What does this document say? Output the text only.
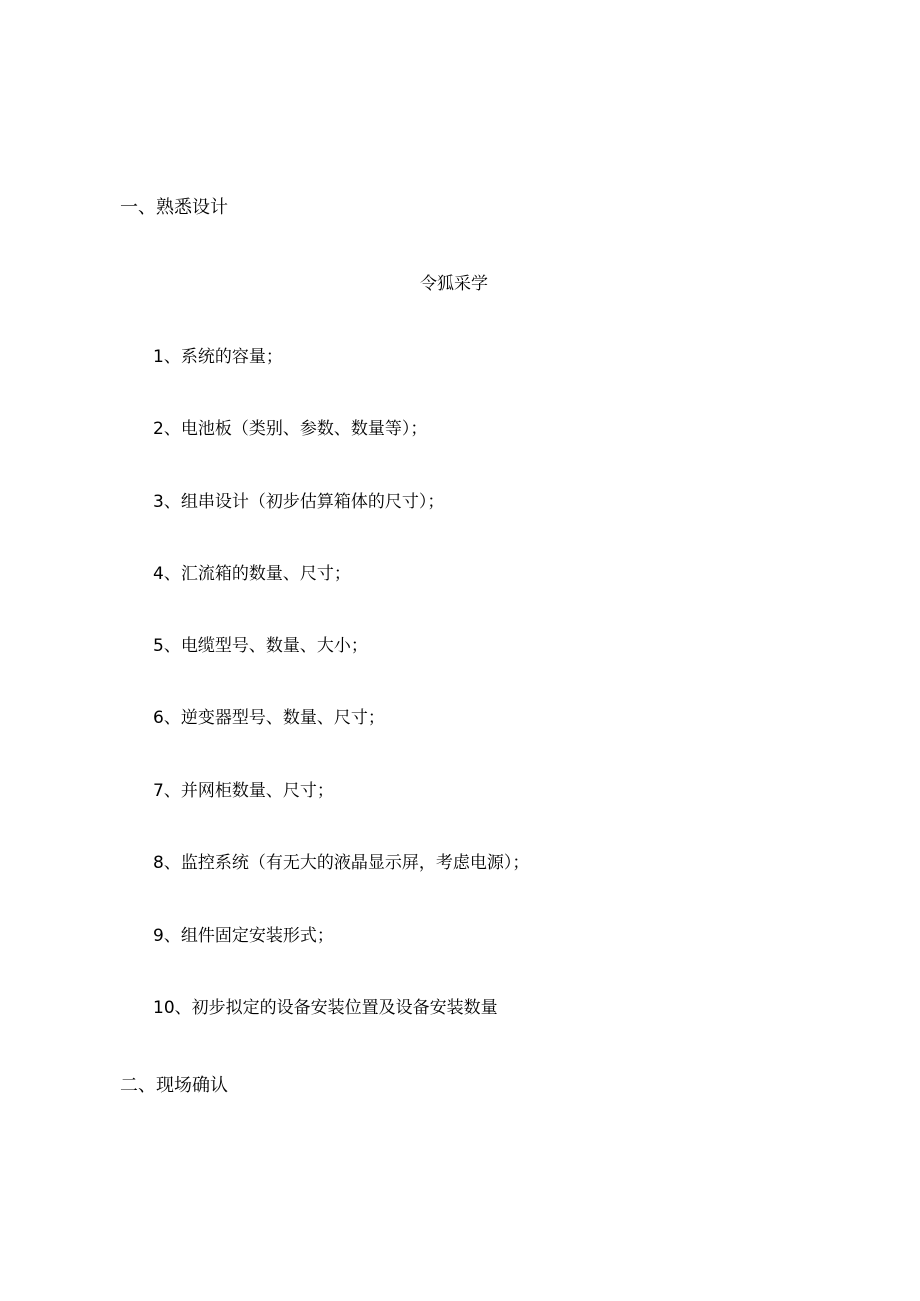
一、熟悉设计
令狐采学
1、系统的容量；
2、电池板（类别、参数、数量等）；
3、组串设计（初步估算箱体的尺寸）；
4、汇流箱的数量、尺寸；
5、电缆型号、数量、大小；
6、逆变器型号、数量、尺寸；
7、并网柜数量、尺寸；
8、监控系统（有无大的液晶显示屏，考虑电源）；
9、组件固定安装形式；
10、初步拟定的设备安装位置及设备安装数量
二、现场确认
